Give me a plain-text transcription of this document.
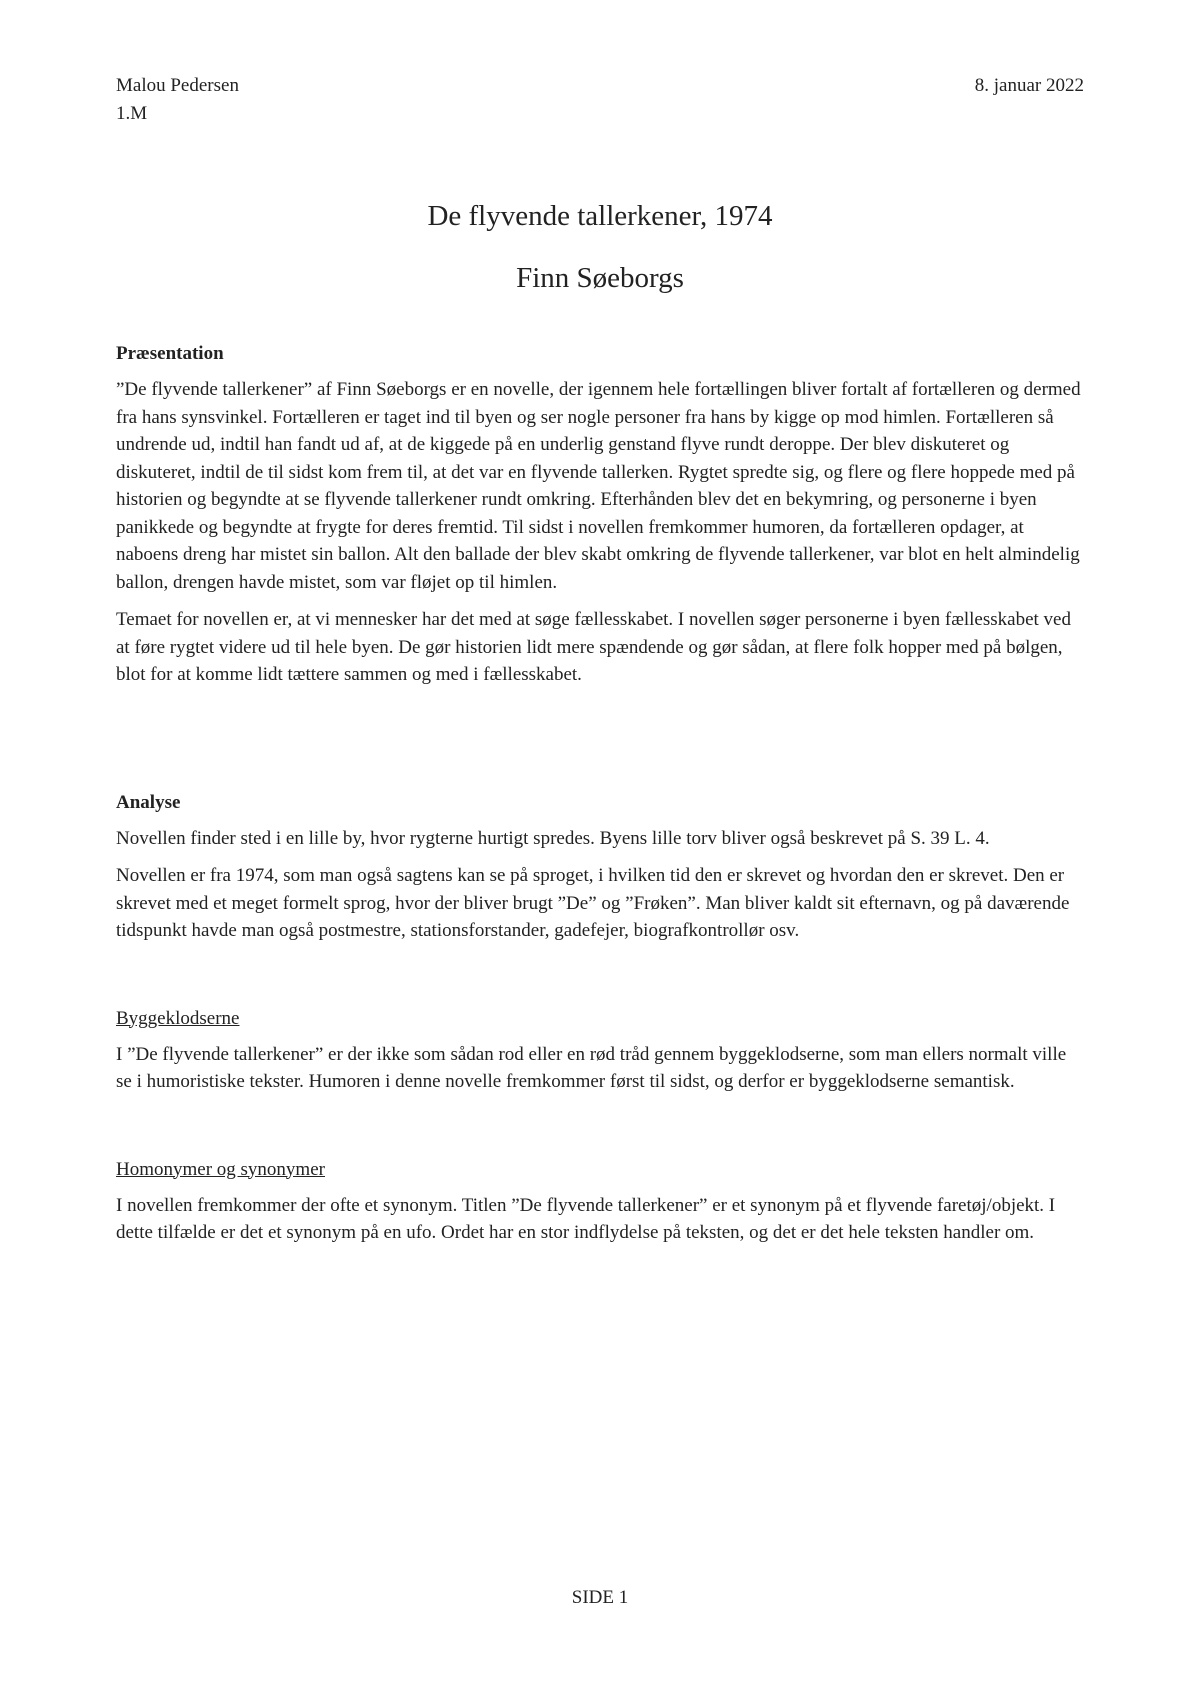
Malou Pedersen
1.M
8. januar 2022
De flyvende tallerkener, 1974
Finn Søeborgs
Præsentation

”De flyvende tallerkener” af Finn Søeborgs er en novelle, der igennem hele fortællingen bliver fortalt af fortælleren og dermed fra hans synsvinkel. Fortælleren er taget ind til byen og ser nogle personer fra hans by kigge op mod himlen. Fortælleren så undrende ud, indtil han fandt ud af, at de kiggede på en underlig genstand flyve rundt deroppe. Der blev diskuteret og diskuteret, indtil de til sidst kom frem til, at det var en flyvende tallerken. Rygtet spredte sig, og flere og flere hoppede med på historien og begyndte at se flyvende tallerkener rundt omkring. Efterhånden blev det en bekymring, og personerne i byen panikkede og begyndte at frygte for deres fremtid. Til sidst i novellen fremkommer humoren, da fortælleren opdager, at naboens dreng har mistet sin ballon. Alt den ballade der blev skabt omkring de flyvende tallerkener, var blot en helt almindelig ballon, drengen havde mistet, som var fløjet op til himlen.

Temaet for novellen er, at vi mennesker har det med at søge fællesskabet. I novellen søger personerne i byen fællesskabet ved at føre rygtet videre ud til hele byen. De gør historien lidt mere spændende og gør sådan, at flere folk hopper med på bølgen, blot for at komme lidt tættere sammen og med i fællesskabet.

Analyse

Novellen finder sted i en lille by, hvor rygterne hurtigt spredes. Byens lille torv bliver også beskrevet på S. 39 L. 4.

Novellen er fra 1974, som man også sagtens kan se på sproget, i hvilken tid den er skrevet og hvordan den er skrevet. Den er skrevet med et meget formelt sprog, hvor der bliver brugt ”De” og ”Frøken”. Man bliver kaldt sit efternavn, og på daværende tidspunkt havde man også postmestre, stationsforstander, gadefejer, biografkontrollør osv.

Byggeklodserne

I ”De flyvende tallerkener” er der ikke som sådan rod eller en rød tråd gennem byggeklodserne, som man ellers normalt ville se i humoristiske tekster. Humoren i denne novelle fremkommer først til sidst, og derfor er byggeklodserne semantisk.

Homonymer og synonymer

I novellen fremkommer der ofte et synonym. Titlen ”De flyvende tallerkener” er et synonym på et flyvende faretøj/objekt. I dette tilfælde er det et synonym på en ufo. Ordet har en stor indflydelse på teksten, og det er det hele teksten handler om.

SIDE 1
